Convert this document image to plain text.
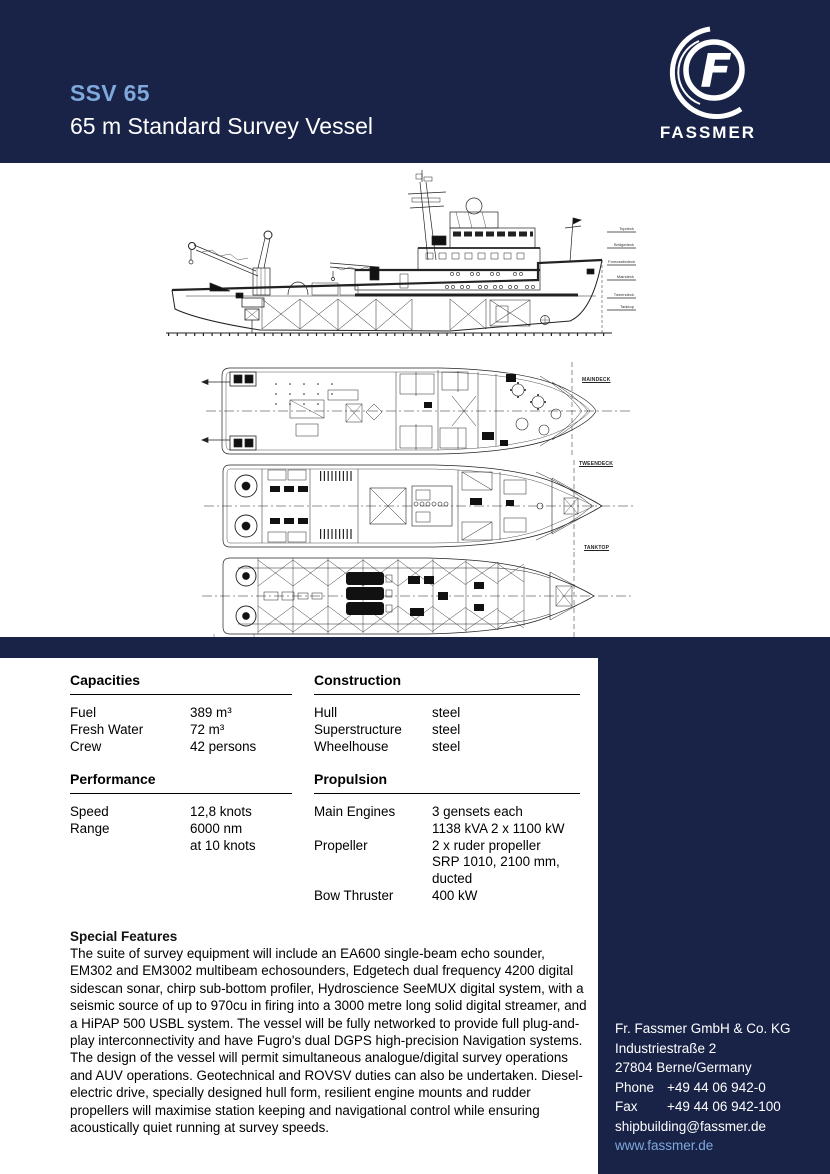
SSV 65
65 m Standard Survey Vessel
F
FASSMER
Topdeck
Bridgedeck
Forecastledeck
Maindeck
Tweendeck
Tanktop
MAINDECK
TWEENDECK
TANKTOP
Capacities
Fuel	389 m³
Fresh Water	72 m³
Crew	42 persons
Construction
Hull	steel
Superstructure	steel
Wheelhouse	steel
Performance
Speed	12,8 knots
Range	6000 nm
at 10 knots
Propulsion
Main Engines	3 gensets each
1138 kVA 2 x 1100 kW
Propeller	2 x ruder propeller
SRP 1010, 2100 mm,
ducted
Bow Thruster	400 kW
Special Features
The suite of survey equipment will include an EA600 single-beam echo sounder, EM302 and EM3002 multibeam echosounders, Edgetech dual frequency 4200 digital sidescan sonar, chirp sub-bottom profiler, Hydroscience SeeMUX digital system, with a seismic source of up to 970cu in firing into a 3000 metre long solid digital streamer, and a HiPAP 500 USBL system. The vessel will be fully networked to provide full plug-and-play interconnectivity and have Fugro's dual DGPS high-precision Navigation systems. The design of the vessel will permit simultaneous analogue/digital survey operations and AUV operations. Geotechnical and ROVSV duties can also be undertaken. Diesel-electric drive, specially designed hull form, resilient engine mounts and rudder propellers will maximise station keeping and navigational control while ensuring acoustically quiet running at survey speeds.
Fr. Fassmer GmbH & Co. KG
Industriestraße 2
27804 Berne/Germany
Phone +49 44 06 942-0
Fax	+49 44 06 942-100
shipbuilding@fassmer.de
www.fassmer.de
